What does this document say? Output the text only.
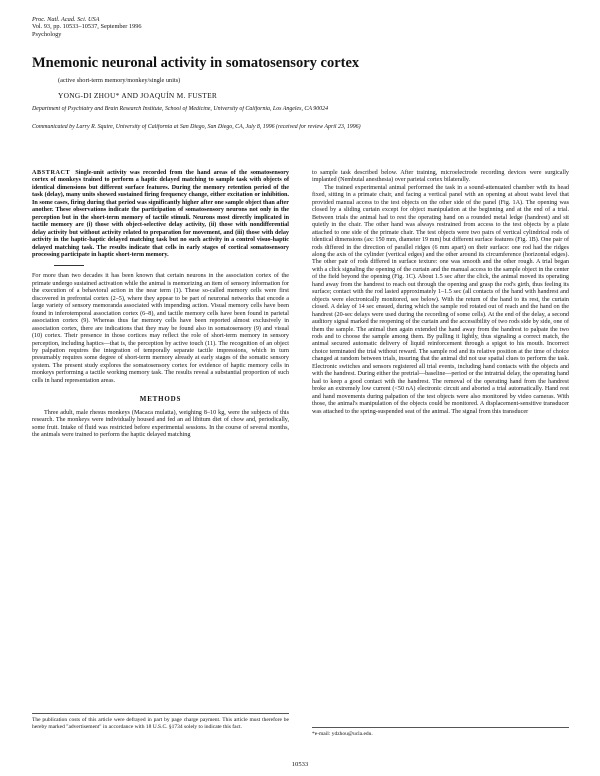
Proc. Natl. Acad. Sci. USA
Vol. 93, pp. 10533–10537, September 1996
Psychology
Mnemonic neuronal activity in somatosensory cortex
(active short-term memory/monkey/single units)
YONG-DI ZHOU* AND JOAQUÍN M. FUSTER
Department of Psychiatry and Brain Research Institute, School of Medicine, University of California, Los Angeles, CA 90024
Communicated by Larry R. Squire, University of California at San Diego, San Diego, CA, July 8, 1996 (received for review April 23, 1996)

ABSTRACT Single-unit activity was recorded from the hand areas of the somatosensory cortex of monkeys trained to perform a haptic delayed matching to sample task with objects of identical dimensions but different surface features. During the memory retention period of the task (delay), many units showed sustained firing frequency change, either excitation or inhibition. In some cases, firing during that period was significantly higher after one sample object than after another. These observations indicate the participation of somatosensory neurons not only in the perception but in the short-term memory of tactile stimuli. Neurons most directly implicated in tactile memory are (i) those with object-selective delay activity, (ii) those with nondifferential delay activity but without activity related to preparation for movement, and (iii) those with delay activity in the haptic-haptic delayed matching task but no such activity in a control visuo-haptic delayed matching task. The results indicate that cells in early stages of cortical somatosensory processing participate in haptic short-term memory.

For more than two decades it has been known that certain neurons in the association cortex of the primate undergo sustained activation while the animal is memorizing an item of sensory information for the execution of a behavioral action in the near term (1). These so-called memory cells were first discovered in prefrontal cortex (2–5), where they appear to be part of neuronal networks that encode a large variety of sensory memoranda associated with impending action. Visual memory cells have been found in inferotemporal association cortex (6–8), and tactile memory cells have been found in parietal association cortex (9). Whereas thus far memory cells have been reported almost exclusively in association cortex, there are indications that they may be found also in somatosensory (9) and visual (10) cortex. Their presence in those cortices may reflect the role of short-term memory in sensory perception, including haptics—that is, the perception by active touch (11). The recognition of an object by palpation requires the integration of temporally separate tactile impressions, which in turn presumably requires some degree of short-term memory already at early stages of the somatic sensory system. The present study explores the somatosensory cortex for evidence of haptic memory cells in monkeys performing a tactile working memory task. The results reveal a substantial proportion of such cells in hand representation areas.

METHODS

Three adult, male rhesus monkeys (Macaca mulatta), weighing 8–10 kg, were the subjects of this research. The monkeys were individually housed and fed an ad libitum diet of chow and, periodically, some fruit. Intake of fluid was restricted before experimental sessions. In the course of several months, the animals were trained to perform the haptic delayed matching

to sample task described below. After training, microelectrode recording devices were surgically implanted (Nembutal anesthesia) over parietal cortex bilaterally.

The trained experimental animal performed the task in a sound-attenuated chamber with its head fixed, sitting in a primate chair, and facing a vertical panel with an opening at about waist level that provided manual access to the test objects on the other side of the panel (Fig. 1A). The opening was closed by a sliding curtain except for object manipulation at the beginning and at the end of a trial. Between trials the animal had to rest the operating hand on a rounded metal ledge (handrest) and sit quietly in the chair. The other hand was always restrained from access to the test objects by a plate attached to one side of the primate chair. The test objects were two pairs of vertical cylindrical rods of identical dimensions (ax: 150 mm, diameter 19 mm) but different surface features (Fig. 1B). One pair of rods differed in the direction of parallel ridges (6 mm apart) on their surface: one rod had the ridges along the axis of the cylinder (vertical edges) and the other around its circumference (horizontal edges). The other pair of rods differed in surface texture: one was smooth and the other rough. A trial began with a click signaling the opening of the curtain and the manual access to the sample object in the center of the field beyond the opening (Fig. 1C). About 1.5 sec after the click, the animal moved its operating hand away from the handrest to reach out through the opening and grasp the rod's girth, thus feeling its surface; contact with the rod lasted approximately 1–1.5 sec (all contacts of the hand with handrest and objects were electronically monitored, see below). With the return of the hand to its rest, the curtain closed. A delay of 14 sec ensued, during which the sample rod rotated out of reach and the hand on the handrest (20-sec delays were used during the recording of some cells). At the end of the delay, a second auditory signal marked the reopening of the curtain and the accessibility of two rods side by side, one of them the sample. The animal then again extended the hand away from the handrest to palpate the two rods and to choose the sample among them. By pulling it lightly, thus signaling a correct match, the animal secured automatic delivery of liquid reinforcement through a spigot to his mouth. Incorrect choice terminated the trial without reward. The sample rod and its relative position at the time of choice changed at random between trials, insuring that the animal did not use spatial clues to perform the task. Electronic switches and sensors registered all trial events, including hand contacts with the objects and with the handrest. During either the pretrial—baseline—period or the intratrial delay, the operating hand had to keep a good contact with the handrest. The removal of the operating hand from the handrest broke an extremely low current (<50 nA) electronic circuit and aborted a trial automatically. Hand rest and hand movements during palpation of the test objects were also monitored by video cameras. With those, the animal's manipulation of the objects could be monitored. A displacement-sensitive transducer was attached to the spring-suspended seat of the animal. The signal from this transducer

The publication costs of this article were defrayed in part by page charge payment. This article must therefore be hereby marked "advertisement" in accordance with 18 U.S.C. §1734 solely to indicate this fact.
*e-mail: ydzhou@ucla.edu.
10533
